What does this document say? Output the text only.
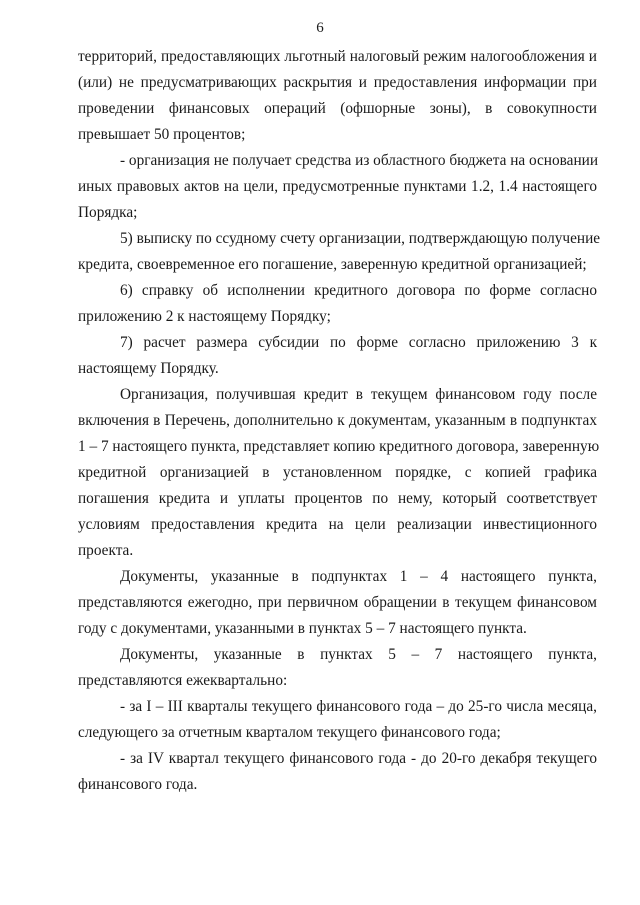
6
территорий, предоставляющих льготный налоговый режим налогообложения и
(или) не предусматривающих раскрытия и предоставления информации при
проведении финансовых операций (офшорные зоны), в совокупности
превышает 50 процентов;
- организация не получает средства из областного бюджета на основании
иных правовых актов на цели, предусмотренные пунктами 1.2, 1.4 настоящего
Порядка;
5) выписку по ссудному счету организации, подтверждающую получение
кредита, своевременное его погашение, заверенную кредитной организацией;
6) справку об исполнении кредитного договора по форме согласно
приложению 2 к настоящему Порядку;
7) расчет размера субсидии по форме согласно приложению 3 к
настоящему Порядку.
Организация, получившая кредит в текущем финансовом году после
включения в Перечень, дополнительно к документам, указанным в подпунктах
1 – 7 настоящего пункта, представляет копию кредитного договора, заверенную
кредитной организацией в установленном порядке, с копией графика
погашения кредита и уплаты процентов по нему, который соответствует
условиям предоставления кредита на цели реализации инвестиционного
проекта.
Документы, указанные в подпунктах 1 – 4 настоящего пункта,
представляются ежегодно, при первичном обращении в текущем финансовом
году с документами, указанными в пунктах 5 – 7 настоящего пункта.
Документы, указанные в пунктах 5 – 7 настоящего пункта,
представляются ежеквартально:
- за I – III кварталы текущего финансового года – до 25-го числа месяца,
следующего за отчетным кварталом текущего финансового года;
- за IV квартал текущего финансового года - до 20-го декабря текущего
финансового года.
